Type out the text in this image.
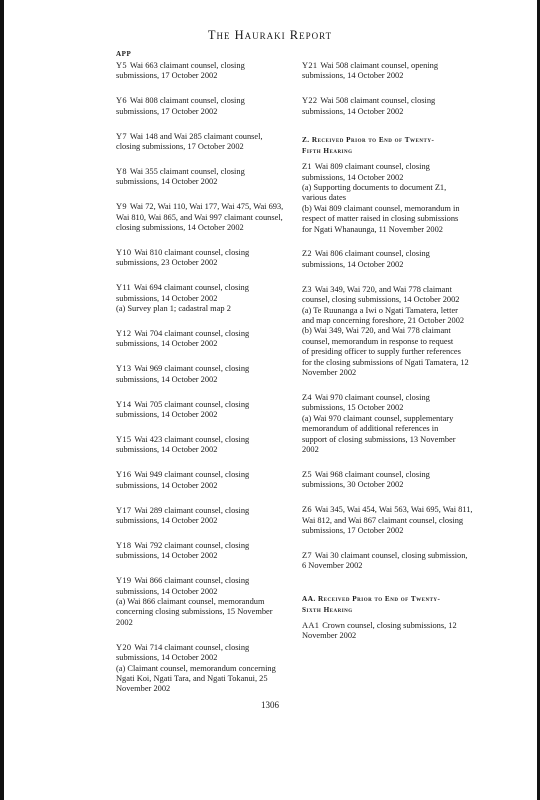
The Hauraki Report
APP
Y5 Wai 663 claimant counsel, closing
submissions, 17 October 2002
Y6 Wai 808 claimant counsel, closing
submissions, 17 October 2002
Y7 Wai 148 and Wai 285 claimant counsel,
closing submissions, 17 October 2002
Y8 Wai 355 claimant counsel, closing
submissions, 14 October 2002
Y9 Wai 72, Wai 110, Wai 177, Wai 475, Wai 693,
Wai 810, Wai 865, and Wai 997 claimant counsel,
closing submissions, 14 October 2002
Y10 Wai 810 claimant counsel, closing
submissions, 23 October 2002
Y11 Wai 694 claimant counsel, closing
submissions, 14 October 2002
(a) Survey plan 1; cadastral map 2
Y12 Wai 704 claimant counsel, closing
submissions, 14 October 2002
Y13 Wai 969 claimant counsel, closing
submissions, 14 October 2002
Y14 Wai 705 claimant counsel, closing
submissions, 14 October 2002
Y15 Wai 423 claimant counsel, closing
submissions, 14 October 2002
Y16 Wai 949 claimant counsel, closing
submissions, 14 October 2002
Y17 Wai 289 claimant counsel, closing
submissions, 14 October 2002
Y18 Wai 792 claimant counsel, closing
submissions, 14 October 2002
Y19 Wai 866 claimant counsel, closing
submissions, 14 October 2002
(a) Wai 866 claimant counsel, memorandum
concerning closing submissions, 15 November
2002
Y20 Wai 714 claimant counsel, closing
submissions, 14 October 2002
(a) Claimant counsel, memorandum concerning
Ngati Koi, Ngati Tara, and Ngati Tokanui, 25
November 2002
Y21 Wai 508 claimant counsel, opening
submissions, 14 October 2002
Y22 Wai 508 claimant counsel, closing
submissions, 14 October 2002
Z. Received Prior to End of Twenty-
Fifth Hearing
Z1 Wai 809 claimant counsel, closing
submissions, 14 October 2002
(a) Supporting documents to document Z1,
various dates
(b) Wai 809 claimant counsel, memorandum in
respect of matter raised in closing submissions
for Ngati Whanaunga, 11 November 2002
Z2 Wai 806 claimant counsel, closing
submissions, 14 October 2002
Z3 Wai 349, Wai 720, and Wai 778 claimant
counsel, closing submissions, 14 October 2002
(a) Te Ruunanga a Iwi o Ngati Tamatera, letter
and map concerning foreshore, 21 October 2002
(b) Wai 349, Wai 720, and Wai 778 claimant
counsel, memorandum in response to request
of presiding officer to supply further references
for the closing submissions of Ngati Tamatera, 12
November 2002
Z4 Wai 970 claimant counsel, closing
submissions, 15 October 2002
(a) Wai 970 claimant counsel, supplementary
memorandum of additional references in
support of closing submissions, 13 November
2002
Z5 Wai 968 claimant counsel, closing
submissions, 30 October 2002
Z6 Wai 345, Wai 454, Wai 563, Wai 695, Wai 811,
Wai 812, and Wai 867 claimant counsel, closing
submissions, 17 October 2002
Z7 Wai 30 claimant counsel, closing submission,
6 November 2002
AA. Received Prior to End of Twenty-
Sixth Hearing
AA1 Crown counsel, closing submissions, 12
November 2002
1306
